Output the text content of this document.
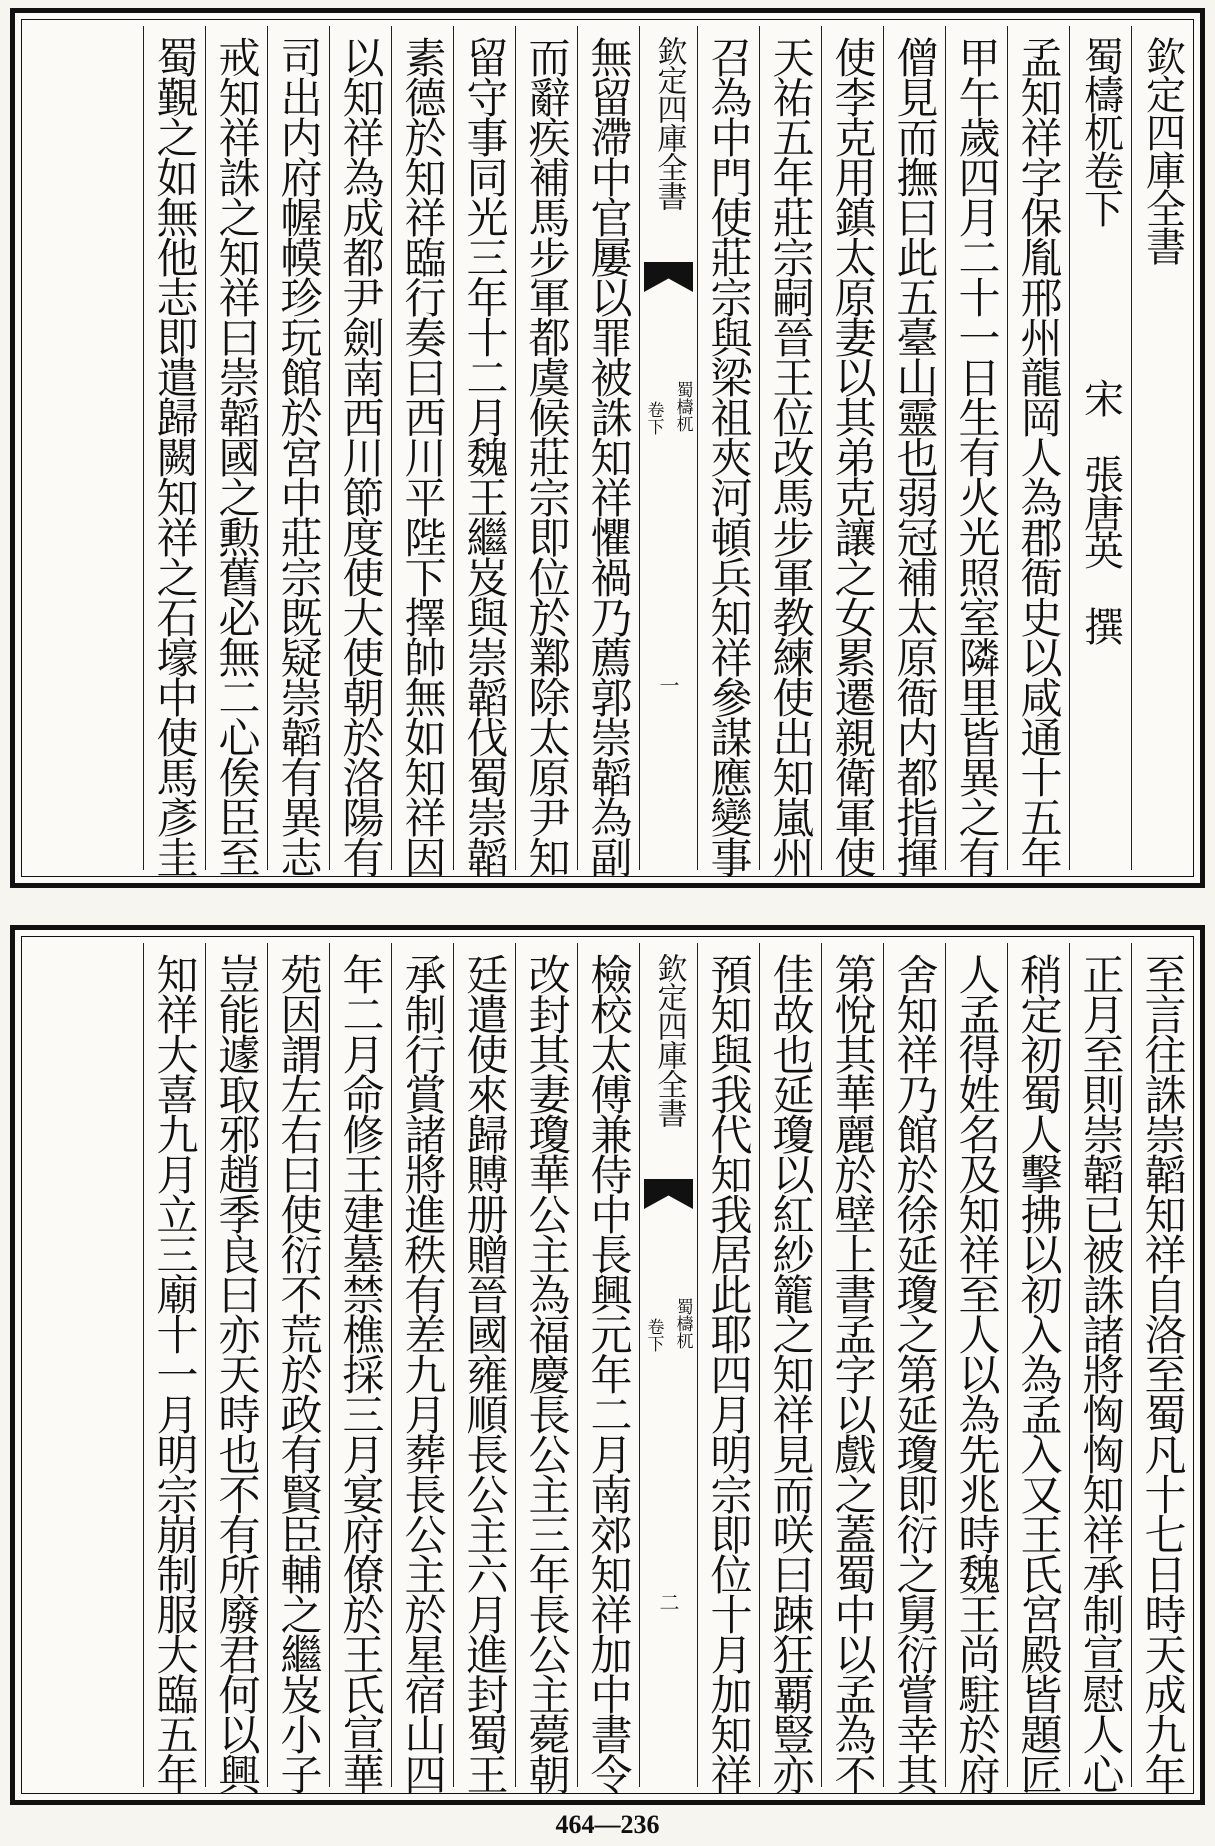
欽定四庫全書
蜀檮杌卷下　　　　宋　張唐英　撰
孟知祥字保胤邢州龍岡人為郡衙史以咸通十五年
甲午歲四月二十一日生有火光照室隣里皆異之有
僧見而撫曰此五臺山靈也弱冠補太原衙内都指揮
使李克用鎮太原妻以其弟克讓之女累遷親衛軍使
天祐五年莊宗嗣晉王位改馬步軍教練使出知嵐州
召為中門使莊宗與梁祖夾河頓兵知祥參謀應變事
欽定四庫全書
蜀檮杌
卷下
一
無留滯中官屢以罪被誅知祥懼禍乃薦郭崇韜為副
而辭疾補馬步軍都虞候莊宗即位於鄴除太原尹知
留守事同光三年十二月魏王繼岌與崇韜伐蜀崇韜
素德於知祥臨行奏曰西川平陛下擇帥無如知祥因
以知祥為成都尹劍南西川節度使大使朝於洛陽有
司出内府幄幙珍玩館於宮中莊宗既疑崇韜有異志
戒知祥誅之知祥曰崇韜國之勲舊必無二心俟臣至
蜀覲之如無他志即遣歸闕知祥之石壕中使馬彥圭
至言往誅崇韜知祥自洛至蜀凡十七日時天成九年
正月至則崇韜已被誅諸將恟恟知祥承制宣慰人心
稍定初蜀人擊拂以初入為孟入又王氏宮殿皆題匠
人孟得姓名及知祥至人以為先兆時魏王尚駐於府
舍知祥乃館於徐延瓊之第延瓊即衍之舅衍嘗幸其
第悅其華麗於壁上書孟字以戲之蓋蜀中以孟為不
佳故也延瓊以紅紗籠之知祥見而咲曰踈狂覇豎亦
預知與我代知我居此耶四月明宗即位十月加知祥
欽定四庫全書
蜀檮杌
卷下
二
檢校太傅兼侍中長興元年二月南郊知祥加中書令
改封其妻瓊華公主為福慶長公主三年長公主薨朝
廷遣使來歸賻册贈晉國雍順長公主六月進封蜀王
承制行賞諸將進秩有差九月葬長公主於星宿山四
年二月命修王建墓禁樵採三月宴府僚於王氏宣華
苑因謂左右曰使衍不荒於政有賢臣輔之繼岌小子
豈能遽取邪趙季良曰亦天時也不有所廢君何以興
知祥大喜九月立三廟十一月明宗崩制服大臨五年
464—236
